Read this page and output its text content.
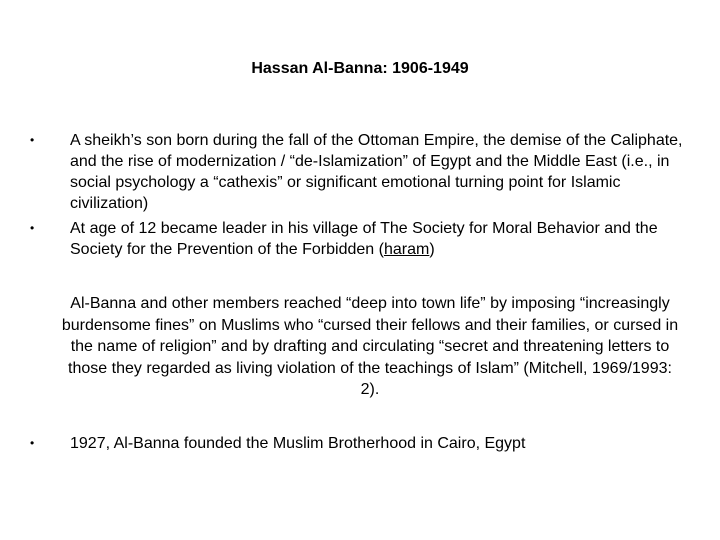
Hassan Al-Banna: 1906-1949
• A sheikh’s son born during the fall of the Ottoman Empire, the demise of the Caliphate, and the rise of modernization / “de-Islamization” of Egypt and the Middle East (i.e., in social psychology a “cathexis” or significant emotional turning point for Islamic civilization)
• At age of 12 became leader in his village of The Society for Moral Behavior and the Society for the Prevention of the Forbidden (haram)

Al-Banna and other members reached “deep into town life” by imposing “increasingly burdensome fines” on Muslims who “cursed their fellows and their families, or cursed in the name of religion” and by drafting and circulating “secret and threatening letters to those they regarded as living violation of the teachings of Islam” (Mitchell, 1969/1993: 2).

• 1927, Al-Banna founded the Muslim Brotherhood in Cairo, Egypt
